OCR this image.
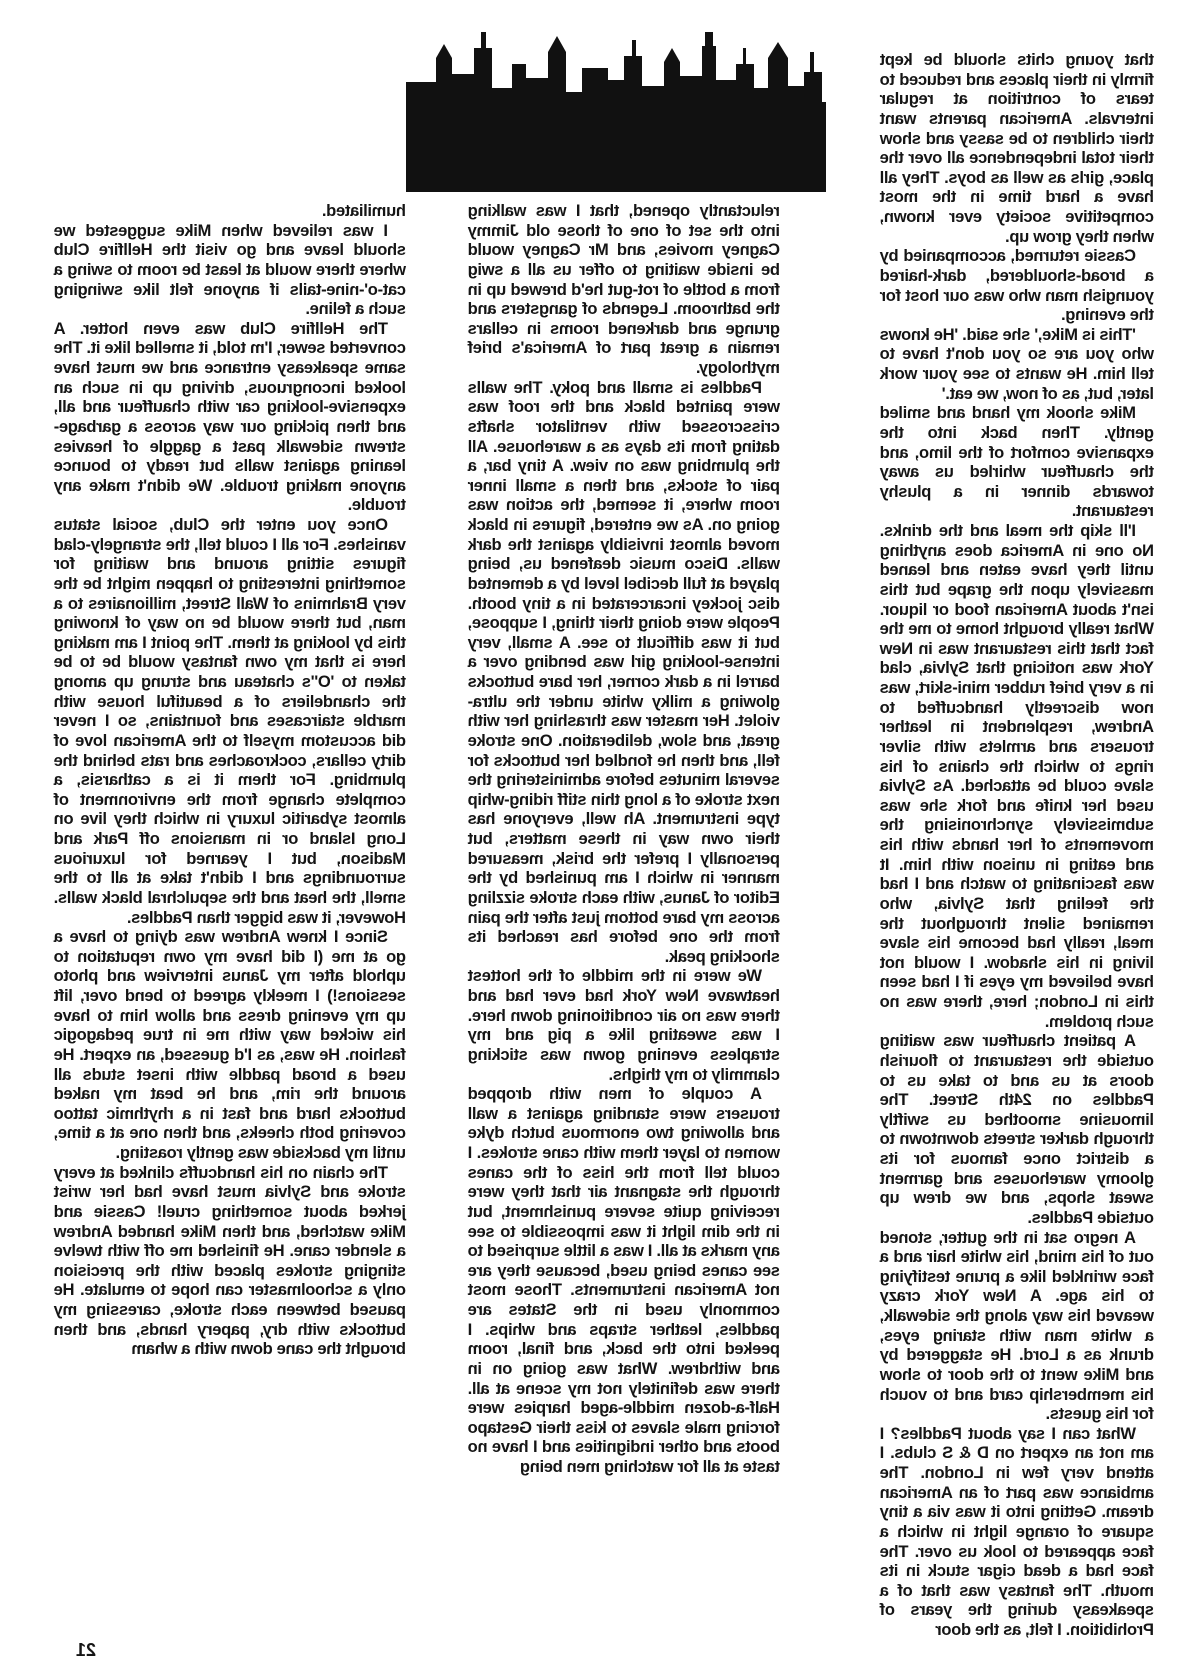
that young chits should be kept firmly in their places and reduced to tears of contrition at regular intervals. American parents want their children to be sassy and show their total independence all over the place, girls as well as boys. They all have a hard time in the most competitive society ever known, when they grow up.

Cassie returned, accompanied by a broad-shouldered, dark-haired youngish man who was our host for the evening.

'This is Mike,' she said. 'He knows who you are so you don't have to tell him. He wants to see your work later, but, as of now, we eat.'

Mike shook my hand and smiled gently. Then back into the expansive comfort of the limo, and the chauffeur whirled us away towards dinner in a plushy restaurant.

I'll skip the meal and the drinks. No one in America does anything until they have eaten and leaned massively upon the grape but this isn't about American food or liquor. What really brought home to me the fact that this restaurant was in New York was noticing that Sylvia, clad in a very brief rubber mini-skirt, was now discreetly handcuffed to Andrew, resplendent in leather trousers and armlets with silver rings to which the chains of his slave could be attached. As Sylvia used her knife and fork she was submissively synchronising the movements of her hands with his and eating in unison with him. It was fascinating to watch and I had the feeling that Sylvia, who remained silent throughout the meal, really had become his slave living in his shadow. I would not have believed my eyes if I had seen this in London; here, there was no such problem.

A patient chauffeur was waiting outside the restaurant to flourish doors at us and to take us to Paddles on 24th Street. The limousine smoothed us swiftly through darker streets downtown to a district once famous for its gloomy warehouses and garment sweat shops, and we drew up outside Paddles.

A negro sat in the gutter, stoned out of his mind, his white hair and a face wrinkled like a prune testifying to his age. A New York crazy weaved his way along the sidewalk, a white man with staring eyes, drunk as a Lord. He staggered by and Mike went to the door to show his membership card and to vouch for his guests.

What can I say about Paddles? I am not an expert on D & S clubs. I attend very few in London. The ambiance was part of an American dream. Getting into it was via a tiny square of orange light in which a face appeared to look us over. The face had a dead cigar stuck in its mouth. The fantasy was that of a speakeasy during the years of Prohibition. I felt, as the door

reluctantly opened, that I was walking into the set of one of those old Jimmy Cagney movies, and Mr Cagney would be inside waiting to offer us all a swig from a bottle of rot-gut he'd brewed up in the bathroom. Legends of gangsters and grunge and darkened rooms in cellars remain a great part of America's brief mythology.

Paddles is small and poky. The walls were painted black and the roof was crisscrossed with ventilator shafts dating from its days as a warehouse. All the plumbing was on view. A tiny bar, a pair of stocks, and then a small inner room where, it seemed, the action was going on. As we entered, figures in black moved almost invisibly against the dark walls. Disco music deafened us, being played at full decibel level by a demented disc jockey incarcerated in a tiny booth. People were doing their thing, I suppose, but it was difficult to see. A small, very intense-looking girl was bending over a barrel in a dark corner, her bare buttocks glowing a milky white under the ultra-violet. Her master was thrashing her with great, and slow, deliberation. One stroke fell, and then he fondled her buttocks for several minutes before administering the next stroke of a long thin stiff riding-whip type instrument. Ah well, everyone has their own way in these matters, but personally I prefer the brisk, measured manner in which I am punished by the Editor of Janus, with each stroke sizzling across my bare bottom just after the pain from the one before has reached its shocking peak.

We were in the middle of the hottest heatwave New York had ever had and there was no air conditioning down here. I was sweating like a pig and my strapless evening gown was sticking clammily to my thighs.

A couple of men with dropped trousers were standing against a wall and allowing two enormous butch dyke women to layer them with cane strokes. I could tell from the hiss of the canes through the stagnant air that they were receiving quite severe punishment, but in the dim light it was impossible to see any marks at all. I was a little surprised to see canes being used, because they are not American instruments. Those most commonly used in the States are paddles, leather straps and whips. I peeked into the back, and final, room and withdrew. What was going on in there was definitely not my scene at all. Half-a-dozen middle-aged harpies were forcing male slaves to kiss their Gestapo boots and other indignities and I have no taste at all for watching men being

humiliated.

I was relieved when Mike suggested we should leave and go visit the Hellfire Club where there would at least be room to swing a cat-o'-nine-tails if anyone felt like swinging such a feline.

The Hellfire Club was even hotter. A converted sewer, I'm told, it smelled like it. The same speakeasy entrance and we must have looked incongruous, driving up in such an expensive-looking car with chauffeur and all, and then picking our way across a garbage-strewn sidewalk past a gaggle of heavies leaning against walls but ready to bounce anyone making trouble. We didn't make any trouble.

Once you enter the Club, social status vanishes. For all I could tell, the strangely-clad figures sitting around and waiting for something interesting to happen might be the very Brahmins of Wall Street, millionaires to a man, but there would be no way of knowing this by looking at them. The point I am making here is that my own fantasy would be to be taken to 'O''s chateau and strung up among the chandeliers of a beautiful house with marble staircases and fountains, so I never did accustom myself to the American love of dirty cellars, cockroaches and rats behind the plumbing. For them it is a catharsis, a complete change from the environment of almost sybaritic luxury in which they live on Long Island or in mansions off Park and Madison, but I yearned for luxurious surroundings and I didn't take at all to the smell, the heat and the sepulchral black walls. However, it was bigger than Paddles.

Since I knew Andrew was dying to have a go at me (I did have my own reputation to uphold after my Janus interview and photo sessions!) I meekly agreed to bend over, lift up my evening dress and allow him to have his wicked way with me in true pedagogic fashion. He was, as I'd guessed, an expert. He used a broad paddle with inset studs all around the rim, and he beat my naked buttocks hard and fast in a rhythmic tattoo covering both cheeks, and then one at a time, until my backside was gently roasting.

The chain on his handcuffs clinked at every stroke and Sylvia must have had her wrist jerked about something cruel! Cassie and Mike watched, and then Mike handed Andrew a slender cane. He finished me off with twelve stinging strokes placed with the precision only a schoolmaster can hope to emulate. He paused between each stroke, caressing my buttocks with dry, papery hands, and then brought the cane down with a wham

21
